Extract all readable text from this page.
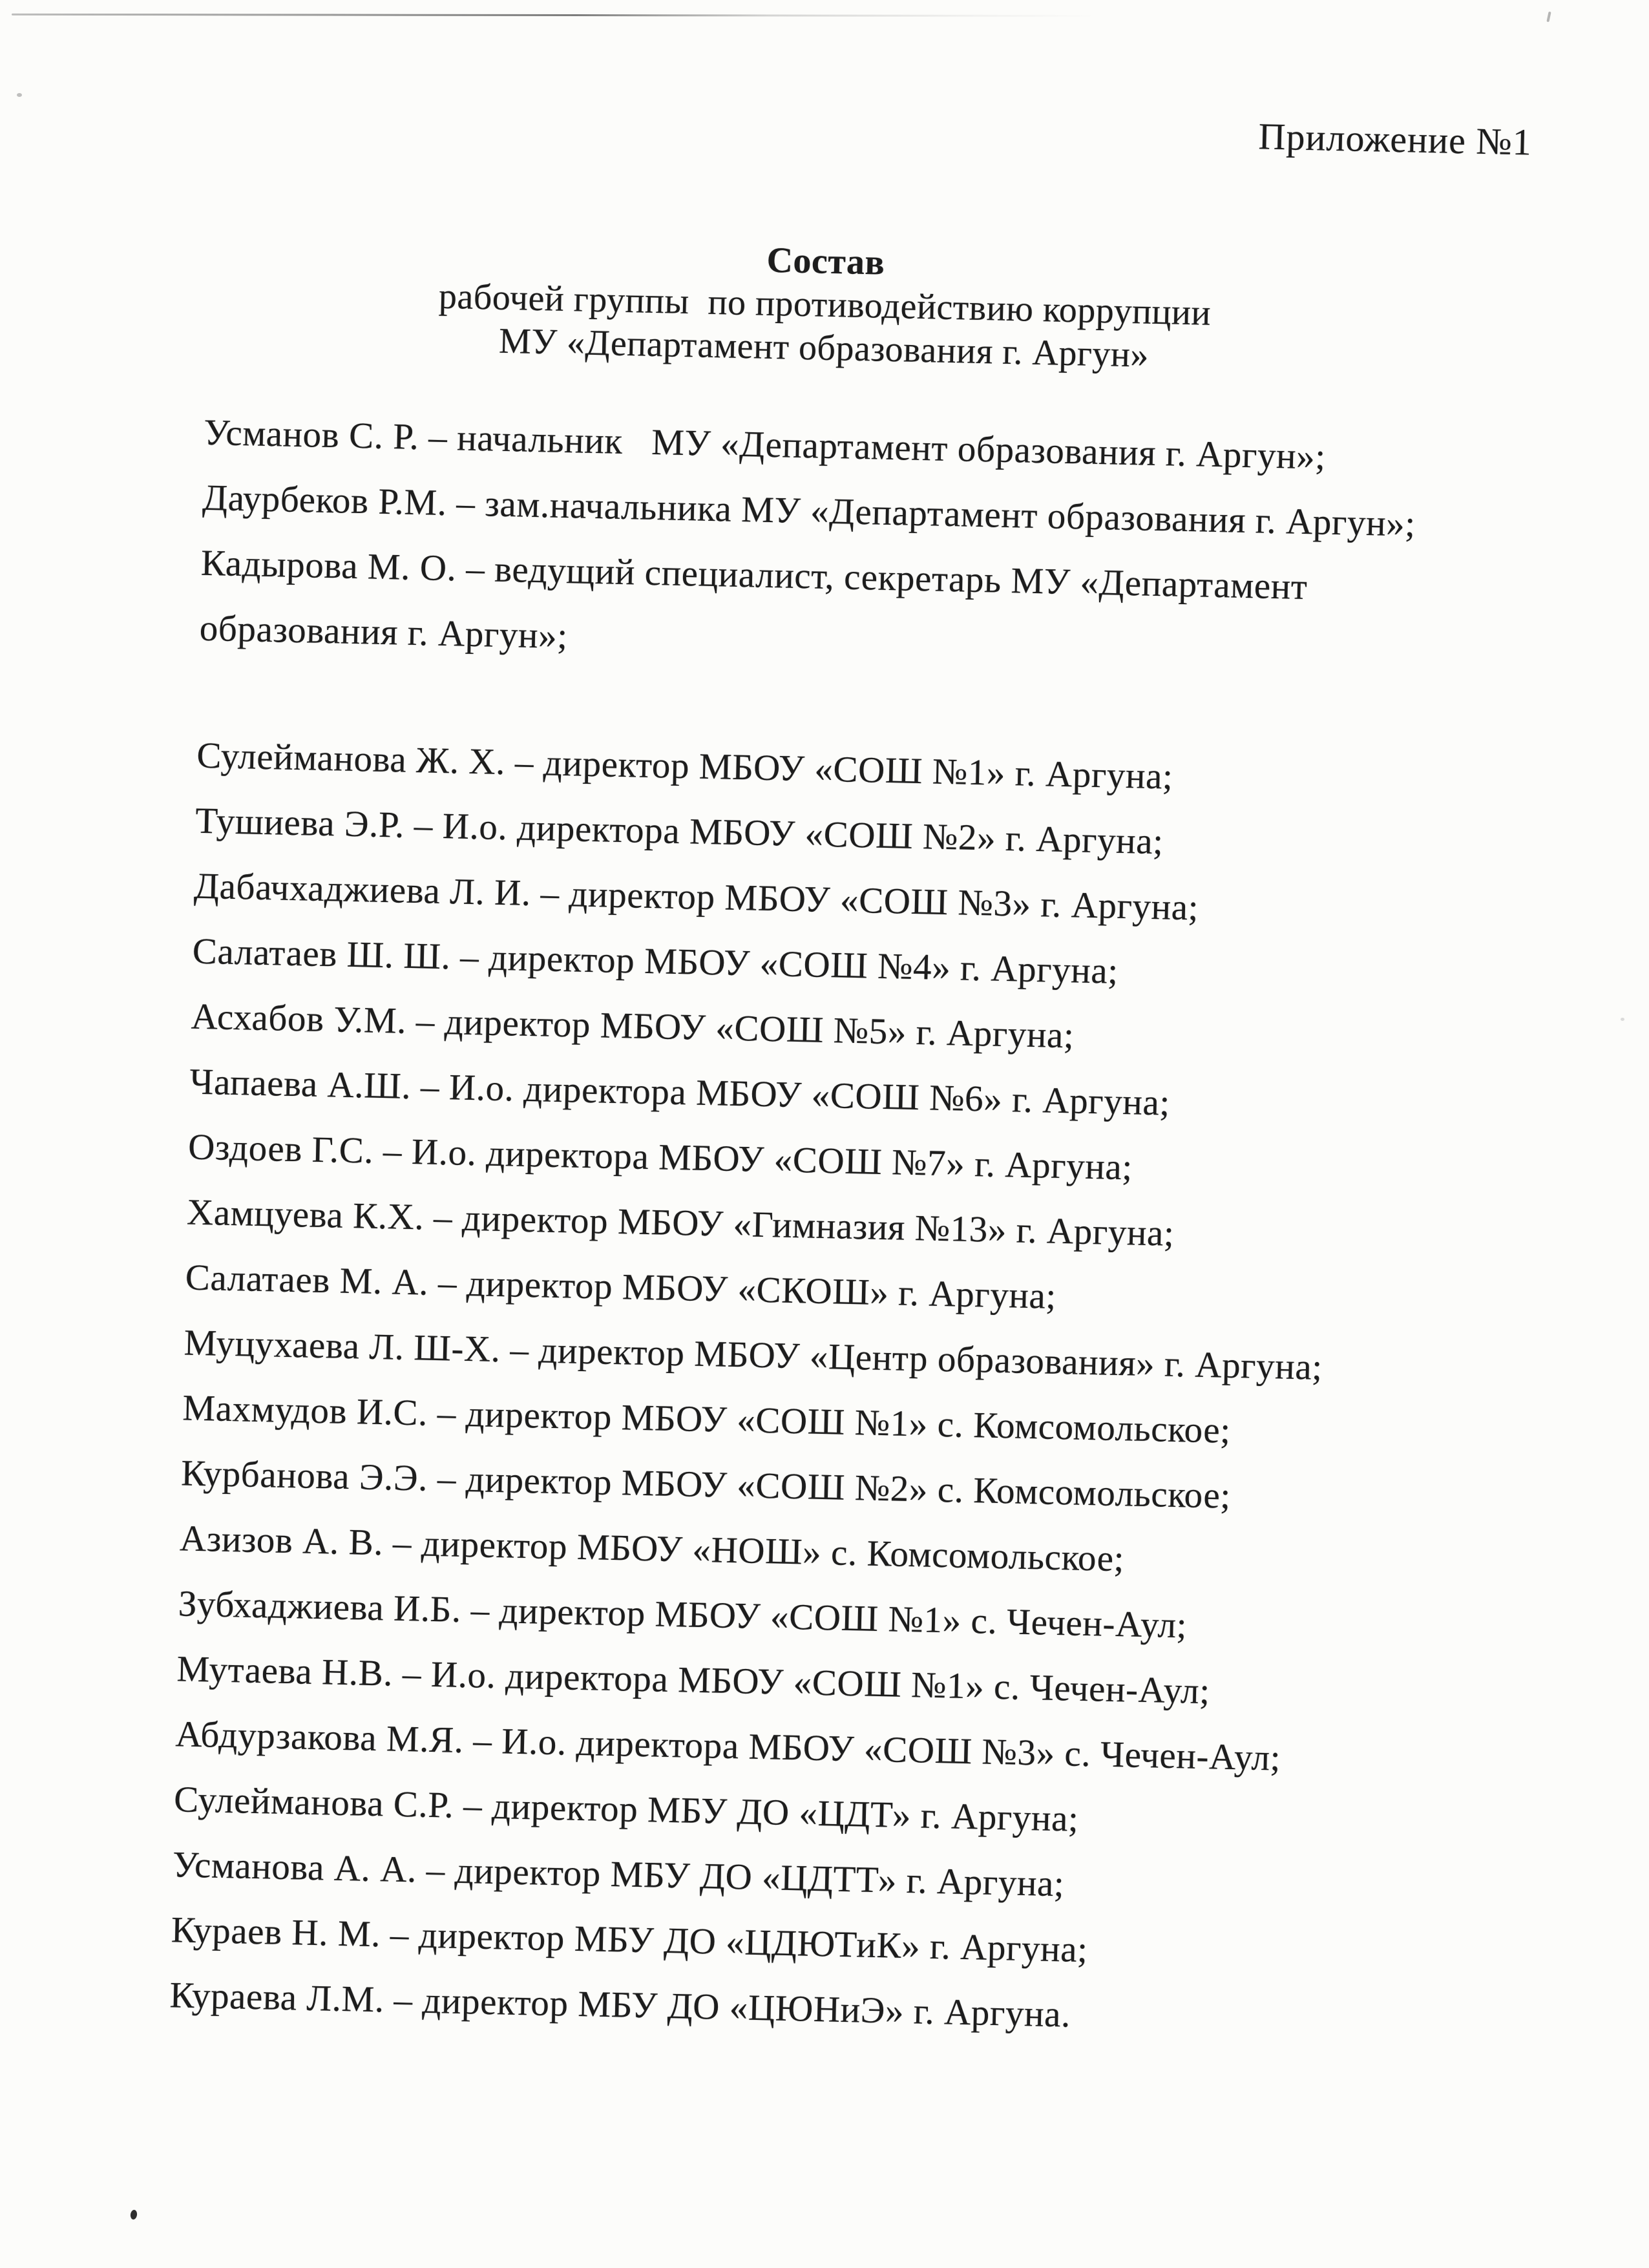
Приложение №1
Состав
рабочей группы  по противодействию коррупции
МУ «Департамент образования г. Аргун»
Усманов С. Р. – начальник   МУ «Департамент образования г. Аргун»;
Даурбеков Р.М. – зам.начальника МУ «Департамент образования г. Аргун»;
Кадырова М. О. – ведущий специалист, секретарь МУ «Департамент
образования г. Аргун»;
Сулейманова Ж. Х. – директор МБОУ «СОШ №1» г. Аргуна;
Тушиева Э.Р. – И.о. директора МБОУ «СОШ №2» г. Аргуна;
Дабачхаджиева Л. И. – директор МБОУ «СОШ №3» г. Аргуна;
Салатаев Ш. Ш. – директор МБОУ «СОШ №4» г. Аргуна;
Асхабов У.М. – директор МБОУ «СОШ №5» г. Аргуна;
Чапаева А.Ш. – И.о. директора МБОУ «СОШ №6» г. Аргуна;
Оздоев Г.С. – И.о. директора МБОУ «СОШ №7» г. Аргуна;
Хамцуева К.Х. – директор МБОУ «Гимназия №13» г. Аргуна;
Салатаев М. А. – директор МБОУ «СКОШ» г. Аргуна;
Муцухаева Л. Ш-Х. – директор МБОУ «Центр образования» г. Аргуна;
Махмудов И.С. – директор МБОУ «СОШ №1» с. Комсомольское;
Курбанова Э.Э. – директор МБОУ «СОШ №2» с. Комсомольское;
Азизов А. В. – директор МБОУ «НОШ» с. Комсомольское;
Зубхаджиева И.Б. – директор МБОУ «СОШ №1» с. Чечен-Аул;
Мутаева Н.В. – И.о. директора МБОУ «СОШ №1» с. Чечен-Аул;
Абдурзакова М.Я. – И.о. директора МБОУ «СОШ №3» с. Чечен-Аул;
Сулейманова С.Р. – директор МБУ ДО «ЦДТ» г. Аргуна;
Усманова А. А. – директор МБУ ДО «ЦДТТ» г. Аргуна;
Кураев Н. М. – директор МБУ ДО «ЦДЮТиК» г. Аргуна;
Кураева Л.М. – директор МБУ ДО «ЦЮНиЭ» г. Аргуна.
